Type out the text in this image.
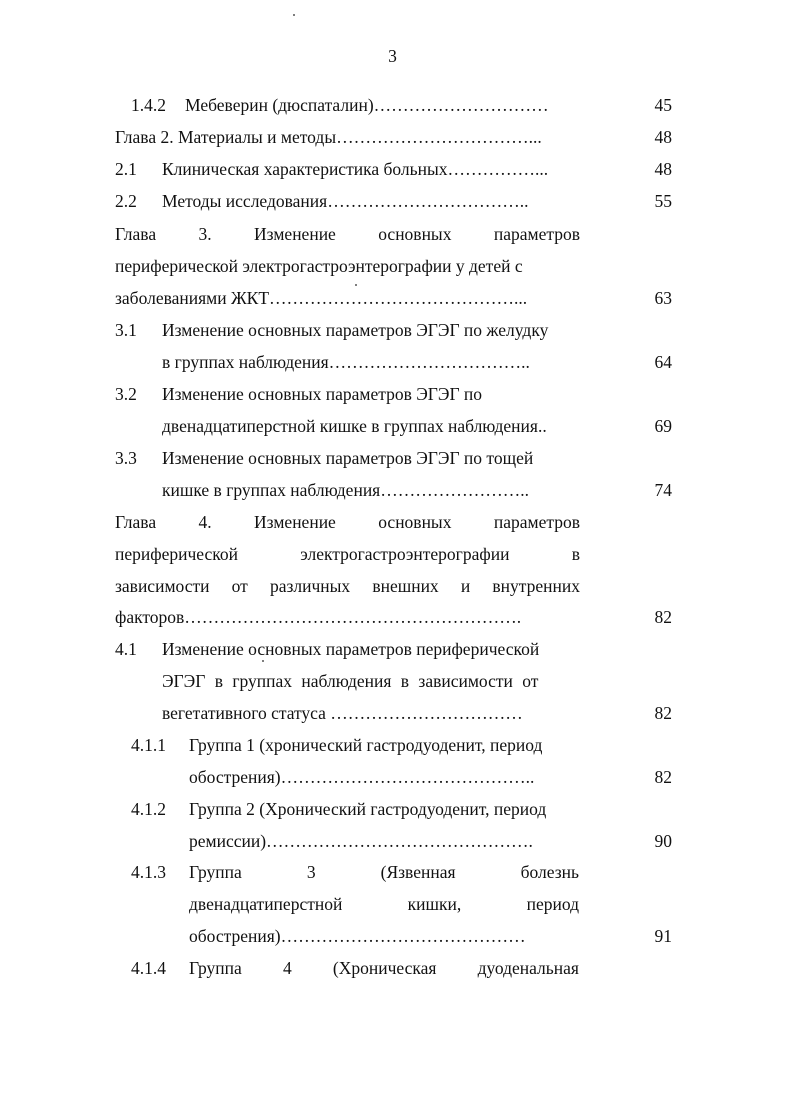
3
1.4.2 Мебеверин (дюспаталин)…………………………	45
Глава 2. Материалы и методы……………………………...	48
2.1 Клиническая характеристика больных……………...	48
2.2 Методы исследования……………………………..	55
Глава 3. Изменение основных параметров
периферической электрогастроэнтерографии у детей с
заболеваниями ЖКТ……………………………………...	63
3.1 Изменение основных параметров ЭГЭГ по желудку
в группах наблюдения……………………………..	64
3.2 Изменение основных параметров ЭГЭГ по
двенадцатиперстной кишке в группах наблюдения..	69
3.3 Изменение основных параметров ЭГЭГ по тощей
кишке в группах наблюдения……………………..	74
Глава 4. Изменение основных параметров
периферической	электрогастроэнтерографии	в
зависимости от различных внешних и внутренних
факторов………………………………………………….	82
4.1 Изменение основных параметров периферической
ЭГЭГ в группах наблюдения в зависимости от
вегетативного статуса ……………………………	82
4.1.1 Группа 1 (хронический гастродуоденит, период
обострения)……………………………………..	82
4.1.2 Группа 2 (Хронический гастродуоденит, период
ремиссии)……………………………………….	90
4.1.3 Группа	3	(Язвенная	болезнь
двенадцатиперстной	кишки,	период
обострения)……………………………………	91
4.1.4 Группа 4 (Хроническая дуоденальная
